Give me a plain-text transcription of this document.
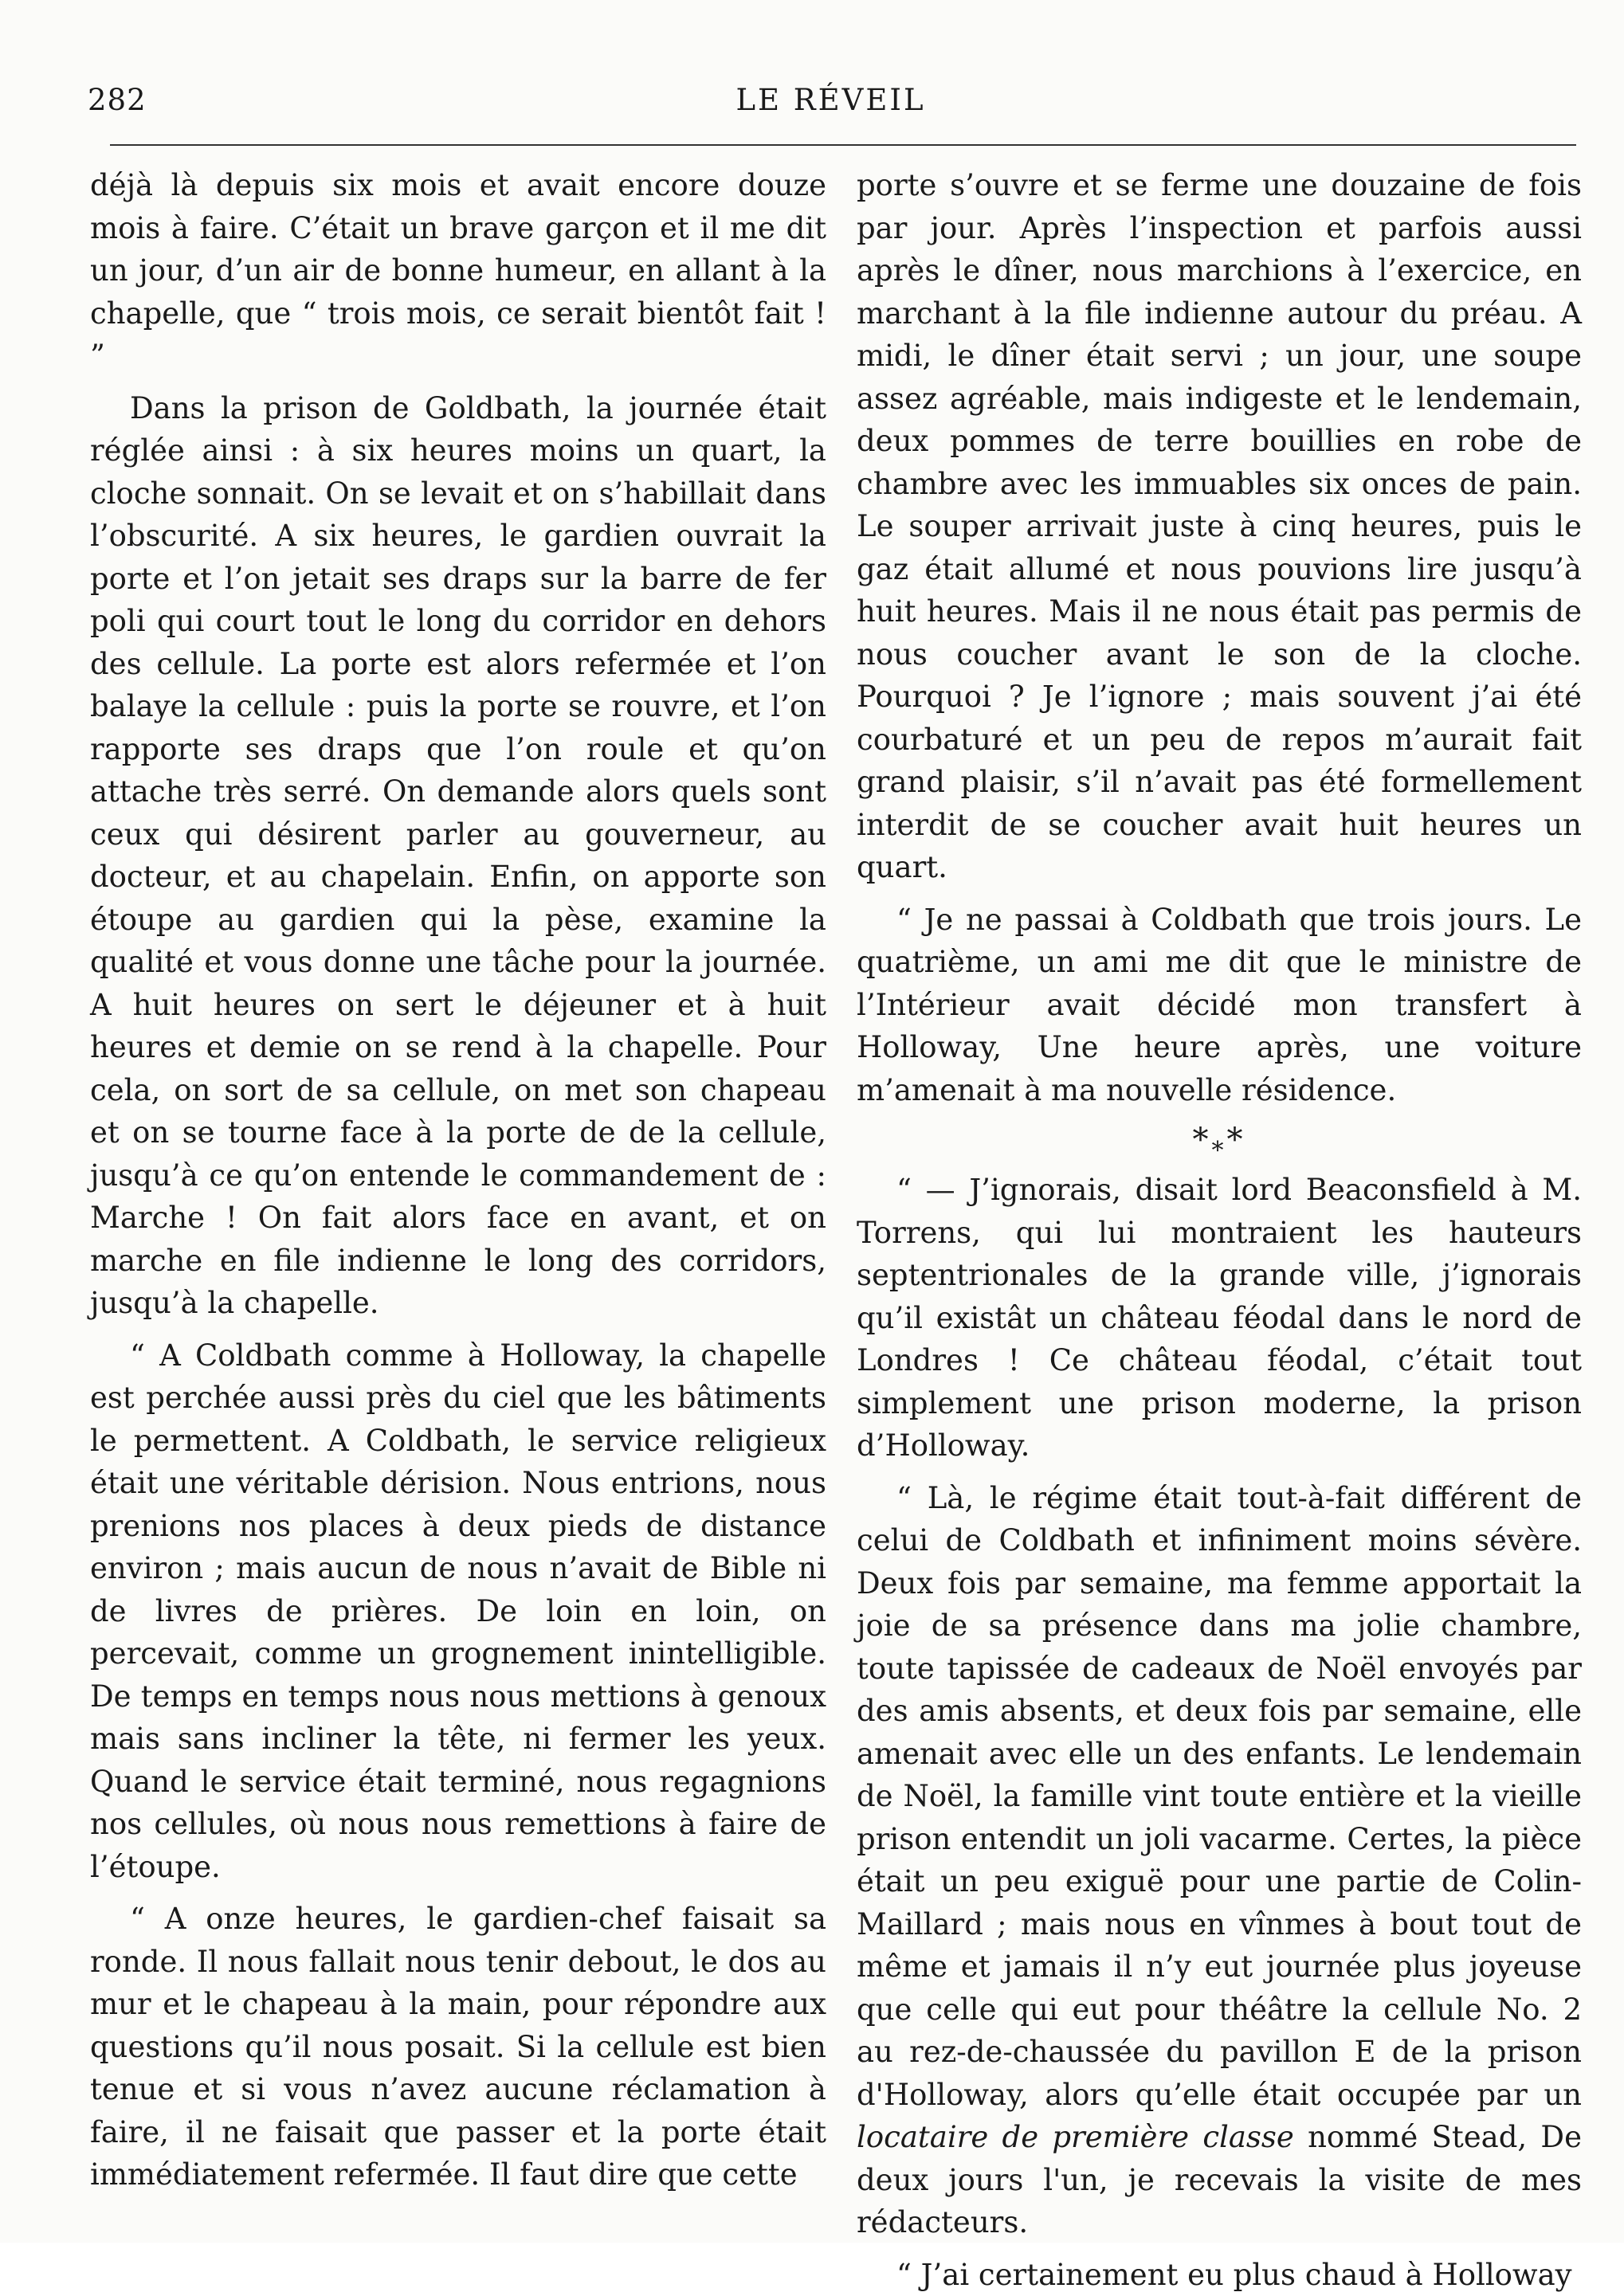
282	LE RÉVEIL

déjà là depuis six mois et avait encore douze mois à faire. C’était un brave garçon et il me dit un jour, d’un air de bonne humeur, en allant à la chapelle, que “ trois mois, ce serait bientôt fait ! ”

Dans la prison de Goldbath, la journée était réglée ainsi : à six heures moins un quart, la cloche sonnait. On se levait et on s’habillait dans l’obscurité. A six heures, le gardien ouvrait la porte et l’on jetait ses draps sur la barre de fer poli qui court tout le long du corridor en dehors des cellule. La porte est alors refermée et l’on balaye la cellule : puis la porte se rouvre, et l’on rapporte ses draps que l’on roule et qu’on attache très serré. On demande alors quels sont ceux qui désirent parler au gouverneur, au docteur, et au chapelain. Enfin, on apporte son étoupe au gardien qui la pèse, examine la qualité et vous donne une tâche pour la journée. A huit heures on sert le déjeuner et à huit heures et demie on se rend à la chapelle. Pour cela, on sort de sa cellule, on met son chapeau et on se tourne face à la porte de de la cellule, jusqu’à ce qu’on entende le commandement de : Marche ! On fait alors face en avant, et on marche en file indienne le long des corridors, jusqu’à la chapelle.

“ A Coldbath comme à Holloway, la chapelle est perchée aussi près du ciel que les bâtiments le permettent. A Coldbath, le service religieux était une véritable dérision. Nous entrions, nous prenions nos places à deux pieds de distance environ ; mais aucun de nous n’avait de Bible ni de livres de prières. De loin en loin, on percevait, comme un grognement inintelligible. De temps en temps nous nous mettions à genoux mais sans incliner la tête, ni fermer les yeux. Quand le service était terminé, nous regagnions nos cellules, où nous nous remettions à faire de l’étoupe.

“ A onze heures, le gardien-chef faisait sa ronde. Il nous fallait nous tenir debout, le dos au mur et le chapeau à la main, pour répondre aux questions qu’il nous posait. Si la cellule est bien tenue et si vous n’avez aucune réclamation à faire, il ne faisait que passer et la porte était immédiatement refermée. Il faut dire que cette

porte s’ouvre et se ferme une douzaine de fois par jour. Après l’inspection et parfois aussi après le dîner, nous marchions à l’exercice, en marchant à la file indienne autour du préau. A midi, le dîner était servi ; un jour, une soupe assez agréable, mais indigeste et le lendemain, deux pommes de terre bouillies en robe de chambre avec les immuables six onces de pain. Le souper arrivait juste à cinq heures, puis le gaz était allumé et nous pouvions lire jusqu’à huit heures. Mais il ne nous était pas permis de nous coucher avant le son de la cloche. Pourquoi ? Je l’ignore ; mais souvent j’ai été courbaturé et un peu de repos m’aurait fait grand plaisir, s’il n’avait pas été formellement interdit de se coucher avait huit heures un quart.

“ Je ne passai à Coldbath que trois jours. Le quatrième, un ami me dit que le ministre de l’Intérieur avait décidé mon transfert à Holloway, Une heure après, une voiture m’amenait à ma nouvelle résidence.

$*_**$

“ — J’ignorais, disait lord Beaconsfield à M. Torrens, qui lui montraient les hauteurs septentrionales de la grande ville, j’ignorais qu’il existât un château féodal dans le nord de Londres ! Ce château féodal, c’était tout simplement une prison moderne, la prison d’Holloway.

“ Là, le régime était tout-à-fait différent de celui de Coldbath et infiniment moins sévère. Deux fois par semaine, ma femme apportait la joie de sa présence dans ma jolie chambre, toute tapissée de cadeaux de Noël envoyés par des amis absents, et deux fois par semaine, elle amenait avec elle un des enfants. Le lendemain de Noël, la famille vint toute entière et la vieille prison entendit un joli vacarme. Certes, la pièce était un peu exiguë pour une partie de Colin-Maillard ; mais nous en vînmes à bout tout de même et jamais il n’y eut journée plus joyeuse que celle qui eut pour théâtre la cellule No. 2 au rez-de-chaussée du pavillon E de la prison d'Holloway, alors qu’elle était occupée par un locataire de première classe nommé Stead, De deux jours l'un, je recevais la visite de mes rédacteurs.

“ J’ai certainement eu plus chaud à Holloway
